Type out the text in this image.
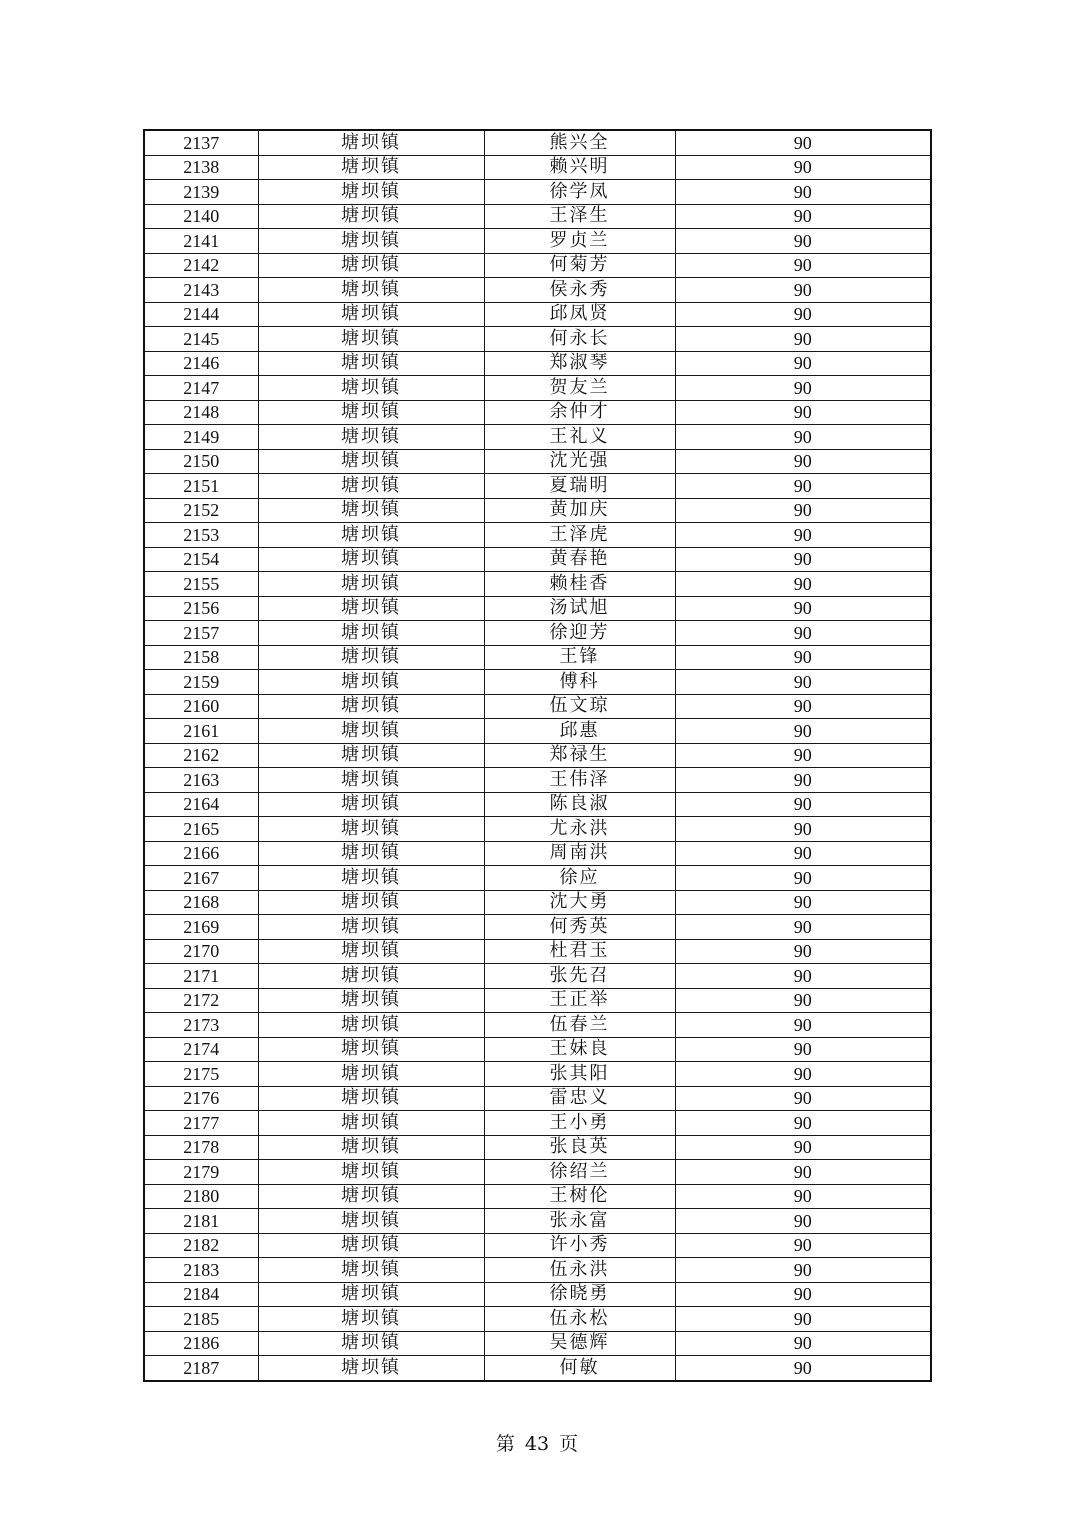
2137	塘坝镇	熊兴全	90
2138	塘坝镇	赖兴明	90
2139	塘坝镇	徐学凤	90
2140	塘坝镇	王泽生	90
2141	塘坝镇	罗贞兰	90
2142	塘坝镇	何菊芳	90
2143	塘坝镇	侯永秀	90
2144	塘坝镇	邱凤贤	90
2145	塘坝镇	何永长	90
2146	塘坝镇	郑淑琴	90
2147	塘坝镇	贺友兰	90
2148	塘坝镇	余仲才	90
2149	塘坝镇	王礼义	90
2150	塘坝镇	沈光强	90
2151	塘坝镇	夏瑞明	90
2152	塘坝镇	黄加庆	90
2153	塘坝镇	王泽虎	90
2154	塘坝镇	黄春艳	90
2155	塘坝镇	赖桂香	90
2156	塘坝镇	汤试旭	90
2157	塘坝镇	徐迎芳	90
2158	塘坝镇	王锋	90
2159	塘坝镇	傅科	90
2160	塘坝镇	伍文琼	90
2161	塘坝镇	邱惠	90
2162	塘坝镇	郑禄生	90
2163	塘坝镇	王伟泽	90
2164	塘坝镇	陈良淑	90
2165	塘坝镇	尤永洪	90
2166	塘坝镇	周南洪	90
2167	塘坝镇	徐应	90
2168	塘坝镇	沈大勇	90
2169	塘坝镇	何秀英	90
2170	塘坝镇	杜君玉	90
2171	塘坝镇	张先召	90
2172	塘坝镇	王正举	90
2173	塘坝镇	伍春兰	90
2174	塘坝镇	王妹良	90
2175	塘坝镇	张其阳	90
2176	塘坝镇	雷忠义	90
2177	塘坝镇	王小勇	90
2178	塘坝镇	张良英	90
2179	塘坝镇	徐绍兰	90
2180	塘坝镇	王树伦	90
2181	塘坝镇	张永富	90
2182	塘坝镇	许小秀	90
2183	塘坝镇	伍永洪	90
2184	塘坝镇	徐晓勇	90
2185	塘坝镇	伍永松	90
2186	塘坝镇	吴德辉	90
2187	塘坝镇	何敏	90
第 43 页
